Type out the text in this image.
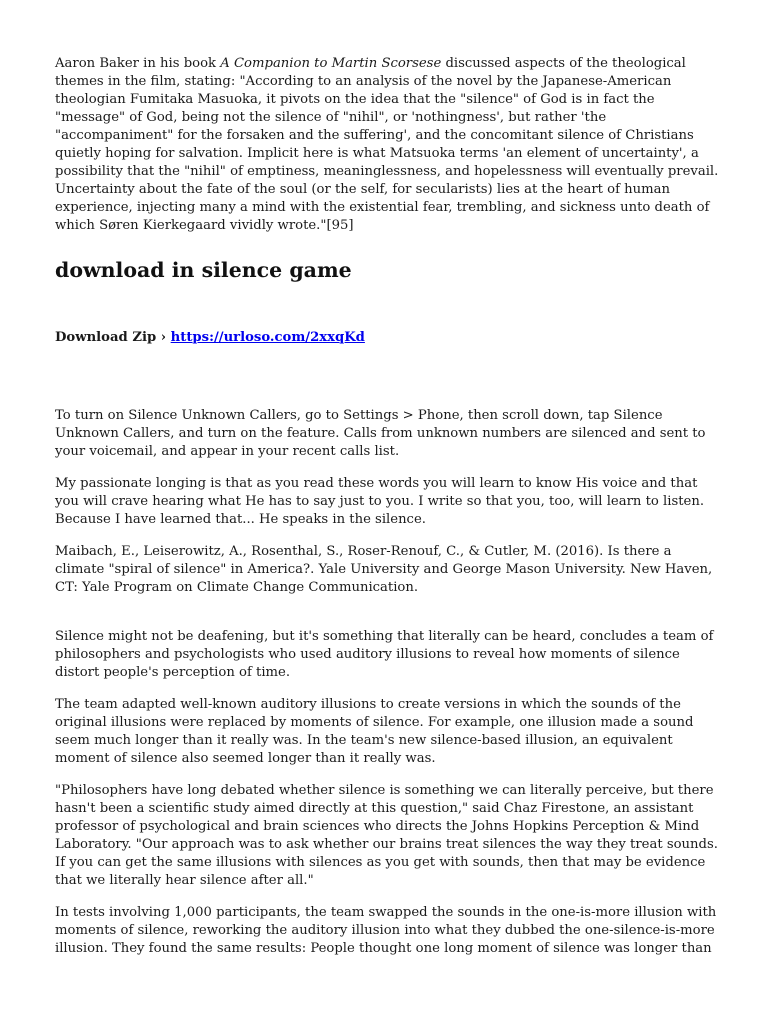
Aaron Baker in his book A Companion to Martin Scorsese discussed aspects of the theological themes in the film, stating: "According to an analysis of the novel by the Japanese-American theologian Fumitaka Masuoka, it pivots on the idea that the "silence" of God is in fact the "message" of God, being not the silence of "nihil", or 'nothingness', but rather 'the "accompaniment" for the forsaken and the suffering', and the concomitant silence of Christians quietly hoping for salvation. Implicit here is what Matsuoka terms 'an element of uncertainty', a possibility that the "nihil" of emptiness, meaninglessness, and hopelessness will eventually prevail. Uncertainty about the fate of the soul (or the self, for secularists) lies at the heart of human experience, injecting many a mind with the existential fear, trembling, and sickness unto death of which Søren Kierkegaard vividly wrote."[95]

download in silence game
Download Zip › https://urloso.com/2xxqKd

To turn on Silence Unknown Callers, go to Settings > Phone, then scroll down, tap Silence Unknown Callers, and turn on the feature. Calls from unknown numbers are silenced and sent to your voicemail, and appear in your recent calls list.

My passionate longing is that as you read these words you will learn to know His voice and that you will crave hearing what He has to say just to you. I write so that you, too, will learn to listen. Because I have learned that... He speaks in the silence.

Maibach, E., Leiserowitz, A., Rosenthal, S., Roser-Renouf, C., & Cutler, M. (2016). Is there a climate "spiral of silence" in America?. Yale University and George Mason University. New Haven, CT: Yale Program on Climate Change Communication.

Silence might not be deafening, but it's something that literally can be heard, concludes a team of philosophers and psychologists who used auditory illusions to reveal how moments of silence distort people's perception of time.

The team adapted well-known auditory illusions to create versions in which the sounds of the original illusions were replaced by moments of silence. For example, one illusion made a sound seem much longer than it really was. In the team's new silence-based illusion, an equivalent moment of silence also seemed longer than it really was.

"Philosophers have long debated whether silence is something we can literally perceive, but there hasn't been a scientific study aimed directly at this question," said Chaz Firestone, an assistant professor of psychological and brain sciences who directs the Johns Hopkins Perception & Mind Laboratory. "Our approach was to ask whether our brains treat silences the way they treat sounds. If you can get the same illusions with silences as you get with sounds, then that may be evidence that we literally hear silence after all."

In tests involving 1,000 participants, the team swapped the sounds in the one-is-more illusion with moments of silence, reworking the auditory illusion into what they dubbed the one-silence-is-more illusion. They found the same results: People thought one long moment of silence was longer than
